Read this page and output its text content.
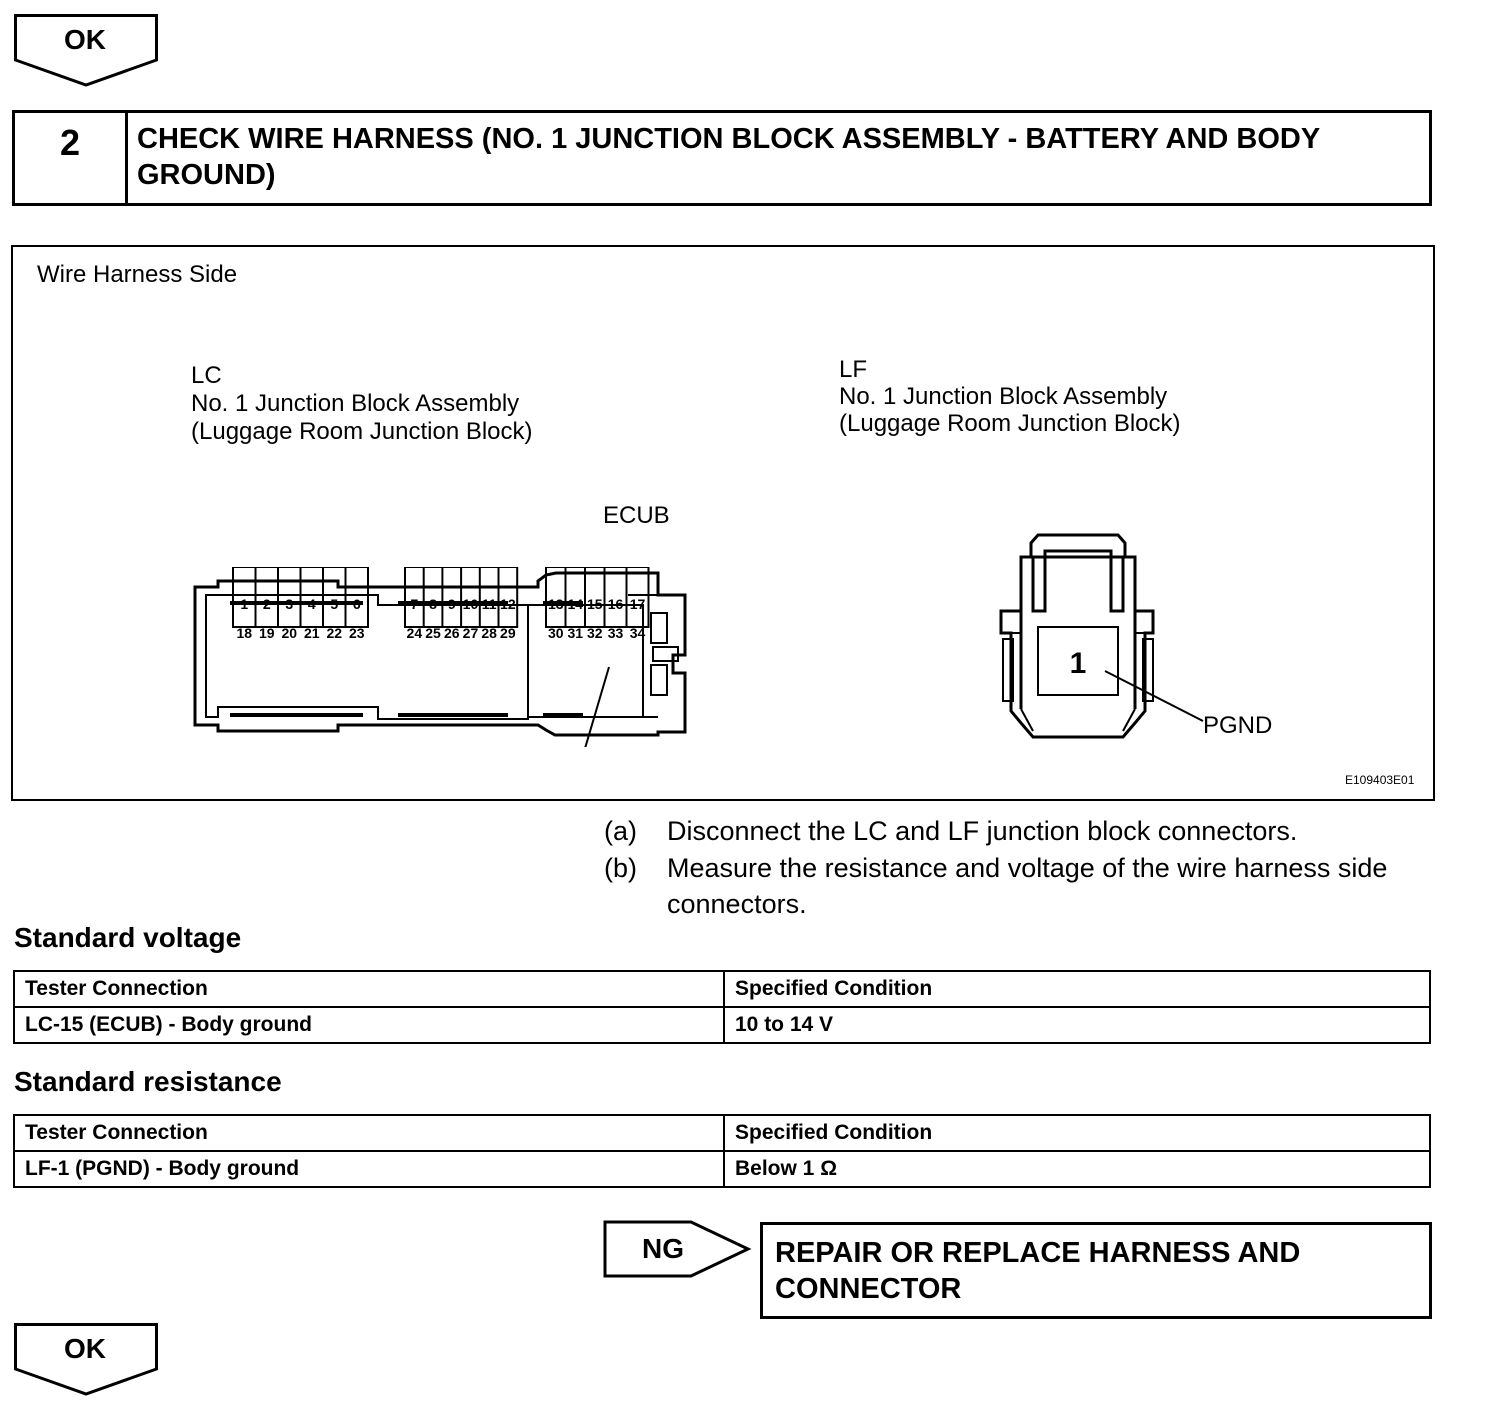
OK
2	CHECK WIRE HARNESS (NO. 1 JUNCTION BLOCK ASSEMBLY - BATTERY AND BODY GROUND)
Wire Harness Side
LC
No. 1 Junction Block Assembly
(Luggage Room Junction Block)
ECUB
LF
No. 1 Junction Block Assembly
(Luggage Room Junction Block)
PGND
1
18
2
19
3
20
4
21
5
22
6
23
7
24
8
25
9
26
10
27
11
28
12
29
13
30
14
31
15
32
16
33
17
34
1
E109403E01
(a) Disconnect the LC and LF junction block connectors.
(b) Measure the resistance and voltage of the wire harness side connectors.
Standard voltage
Tester Connection	Specified Condition
LC-15 (ECUB) - Body ground	10 to 14 V
Standard resistance
Tester Connection	Specified Condition
LF-1 (PGND) - Body ground	Below 1 Ω
NG	REPAIR OR REPLACE HARNESS AND CONNECTOR
OK
